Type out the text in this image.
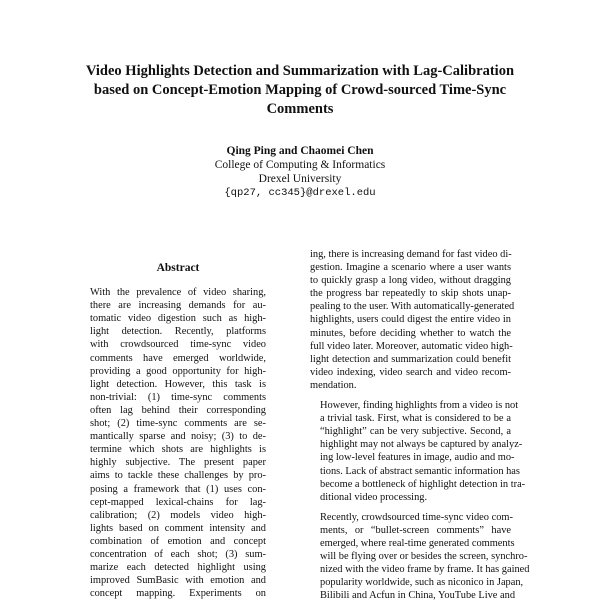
Video Highlights Detection and Summarization with Lag-Calibration
based on Concept-Emotion Mapping of Crowd-sourced Time-Sync
Comments
Qing Ping and Chaomei Chen
College of Computing & Informatics
Drexel University
{qp27, cc345}@drexel.edu
Abstract
With the prevalence of video sharing,
there are increasing demands for au-
tomatic video digestion such as high-
light detection. Recently, platforms
with crowdsourced time-sync video
comments have emerged worldwide,
providing a good opportunity for high-
light detection. However, this task is
non-trivial: (1) time-sync comments
often lag behind their corresponding
shot; (2) time-sync comments are se-
mantically sparse and noisy; (3) to de-
termine which shots are highlights is
highly subjective. The present paper
aims to tackle these challenges by pro-
posing a framework that (1) uses con-
cept-mapped lexical-chains for lag-
calibration; (2) models video high-
lights based on comment intensity and
combination of emotion and concept
concentration of each shot; (3) sum-
marize each detected highlight using
improved SumBasic with emotion and
concept mapping. Experiments on

ing, there is increasing demand for fast video di-
gestion. Imagine a scenario where a user wants
to quickly grasp a long video, without dragging
the progress bar repeatedly to skip shots unap-
pealing to the user. With automatically-generated
highlights, users could digest the entire video in
minutes, before deciding whether to watch the
full video later. Moreover, automatic video high-
light detection and summarization could benefit
video indexing, video search and video recom-
mendation.

However, finding highlights from a video is not
a trivial task. First, what is considered to be a
“highlight” can be very subjective. Second, a
highlight may not always be captured by analyz-
ing low-level features in image, audio and mo-
tions. Lack of abstract semantic information has
become a bottleneck of highlight detection in tra-
ditional video processing.

Recently, crowdsourced time-sync video com-
ments, or “bullet-screen comments” have
emerged, where real-time generated comments
will be flying over or besides the screen, synchro-
nized with the video frame by frame. It has gained
popularity worldwide, such as niconico in Japan,
Bilibili and Acfun in China, YouTube Live and
